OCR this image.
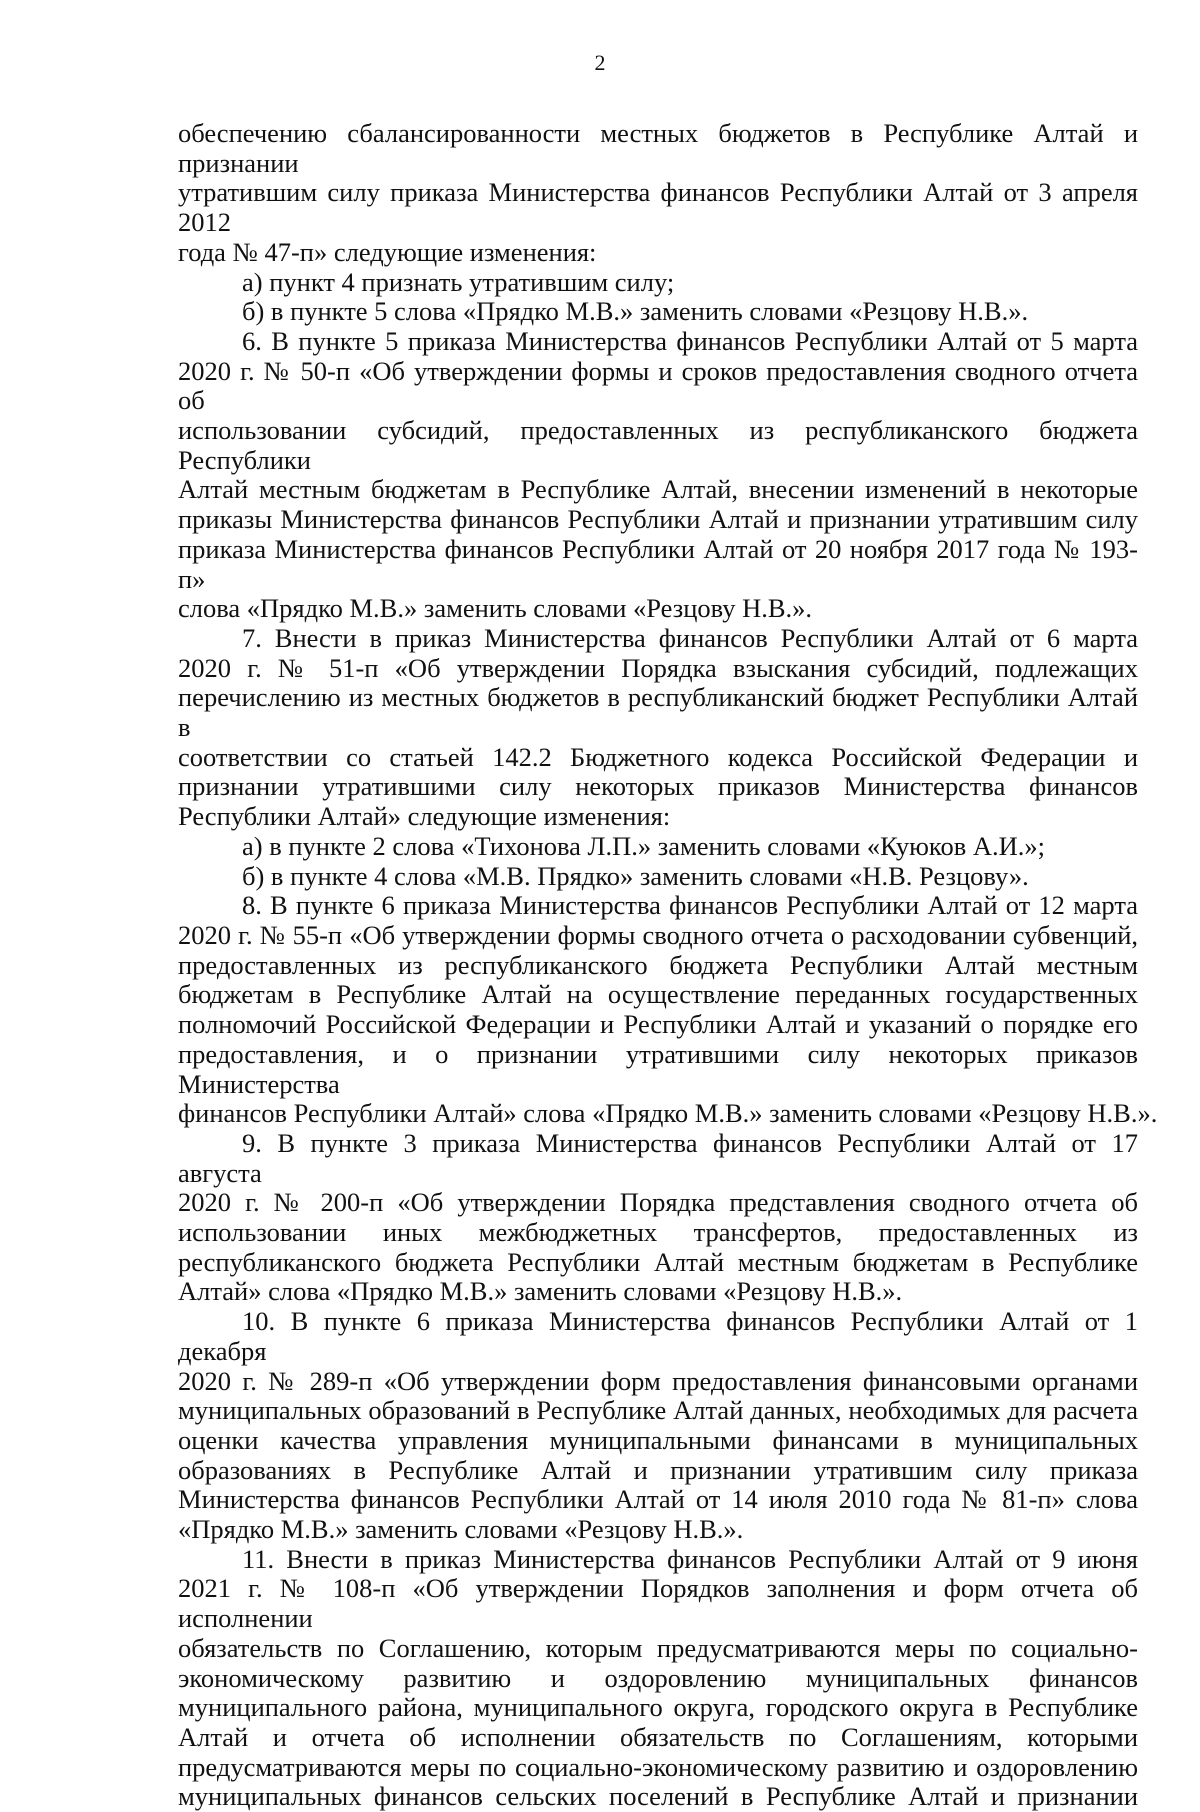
2

обеспечению сбалансированности местных бюджетов в Республике Алтай и признании
утратившим силу приказа Министерства финансов Республики Алтай от 3 апреля 2012
года № 47-п» следующие изменения:

а) пункт 4 признать утратившим силу;

б) в пункте 5 слова «Прядко М.В.» заменить словами «Резцову Н.В.».

6. В пункте 5 приказа Министерства финансов Республики Алтай от 5 марта
2020 г. № 50-п «Об утверждении формы и сроков предоставления сводного отчета об
использовании субсидий, предоставленных из республиканского бюджета Республики
Алтай местным бюджетам в Республике Алтай, внесении изменений в некоторые
приказы Министерства финансов Республики Алтай и признании утратившим силу
приказа Министерства финансов Республики Алтай от 20 ноября 2017 года № 193-п»
слова «Прядко М.В.» заменить словами «Резцову Н.В.».

7. Внести в приказ Министерства финансов Республики Алтай от 6 марта
2020 г. № 51-п «Об утверждении Порядка взыскания субсидий, подлежащих
перечислению из местных бюджетов в республиканский бюджет Республики Алтай в
соответствии со статьей 142.2 Бюджетного кодекса Российской Федерации и
признании утратившими силу некоторых приказов Министерства финансов
Республики Алтай» следующие изменения:

а) в пункте 2 слова «Тихонова Л.П.» заменить словами «Куюков А.И.»;

б) в пункте 4 слова «М.В. Прядко» заменить словами «Н.В. Резцову».

8. В пункте 6 приказа Министерства финансов Республики Алтай от 12 марта
2020 г. № 55-п «Об утверждении формы сводного отчета о расходовании субвенций,
предоставленных из республиканского бюджета Республики Алтай местным
бюджетам в Республике Алтай на осуществление переданных государственных
полномочий Российской Федерации и Республики Алтай и указаний о порядке его
предоставления, и о признании утратившими силу некоторых приказов Министерства
финансов Республики Алтай» слова «Прядко М.В.» заменить словами «Резцову Н.В.».

9. В пункте 3 приказа Министерства финансов Республики Алтай от 17 августа
2020 г. № 200-п «Об утверждении Порядка представления сводного отчета об
использовании иных межбюджетных трансфертов, предоставленных из
республиканского бюджета Республики Алтай местным бюджетам в Республике
Алтай» слова «Прядко М.В.» заменить словами «Резцову Н.В.».

10. В пункте 6 приказа Министерства финансов Республики Алтай от 1 декабря
2020 г. № 289-п «Об утверждении форм предоставления финансовыми органами
муниципальных образований в Республике Алтай данных, необходимых для расчета
оценки качества управления муниципальными финансами в муниципальных
образованиях в Республике Алтай и признании утратившим силу приказа
Министерства финансов Республики Алтай от 14 июля 2010 года № 81-п» слова
«Прядко М.В.» заменить словами «Резцову Н.В.».

11. Внести в приказ Министерства финансов Республики Алтай от 9 июня
2021 г. № 108-п «Об утверждении Порядков заполнения и форм отчета об исполнении
обязательств по Соглашению, которым предусматриваются меры по социально-
экономическому развитию и оздоровлению муниципальных финансов
муниципального района, муниципального округа, городского округа в Республике
Алтай и отчета об исполнении обязательств по Соглашениям, которыми
предусматриваются меры по социально-экономическому развитию и оздоровлению
муниципальных финансов сельских поселений в Республике Алтай и признании
